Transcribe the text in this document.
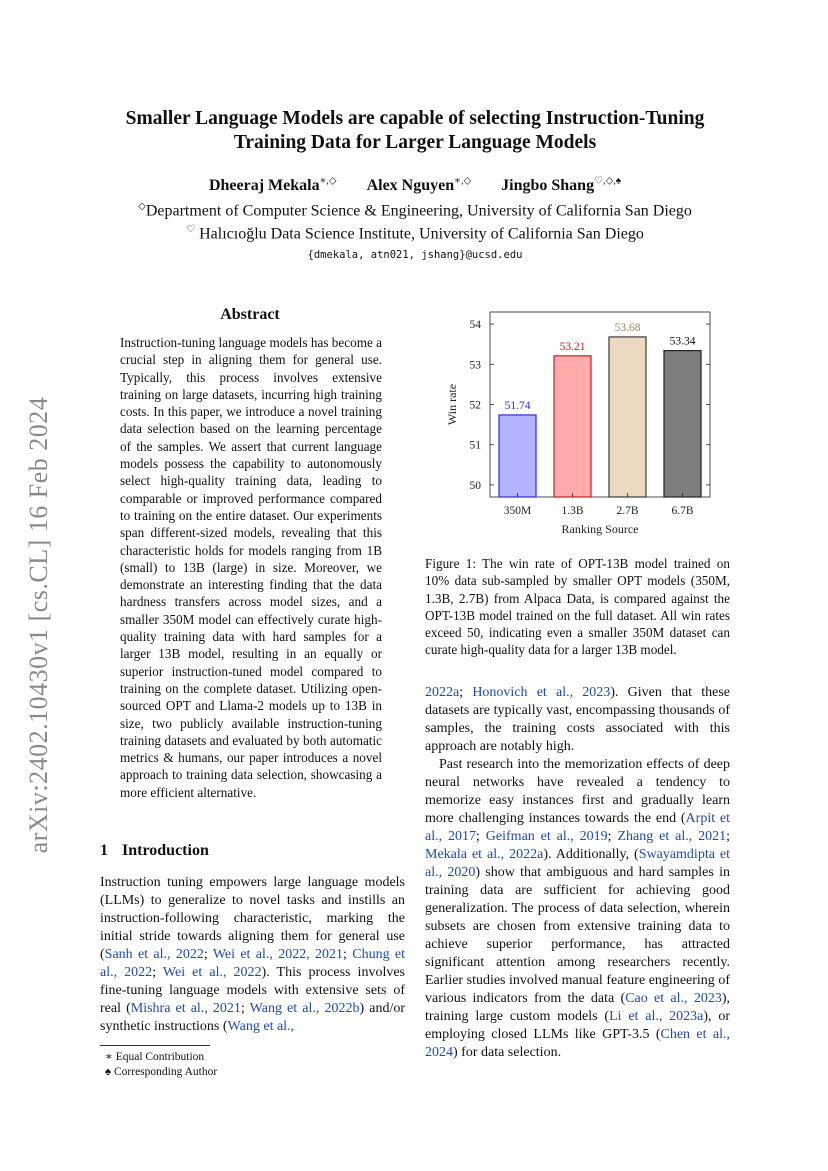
arXiv:2402.10430v1 [cs.CL] 16 Feb 2024
Smaller Language Models are capable of selecting Instruction-Tuning Training Data for Larger Language Models
Dheeraj Mekala∗,◇ Alex Nguyen∗,◇ Jingbo Shang♡,◇,♠
◇Department of Computer Science & Engineering, University of California San Diego
♡ Halıcıoğlu Data Science Institute, University of California San Diego
{dmekala, atn021, jshang}@ucsd.edu
Abstract
Instruction-tuning language models has become a crucial step in aligning them for general use. Typically, this process involves extensive training on large datasets, incurring high training costs. In this paper, we introduce a novel training data selection based on the learning percentage of the samples. We assert that current language models possess the capability to autonomously select high-quality training data, leading to comparable or improved performance compared to training on the entire dataset. Our experiments span different-sized models, revealing that this characteristic holds for models ranging from 1B (small) to 13B (large) in size. Moreover, we demonstrate an interesting finding that the data hardness transfers across model sizes, and a smaller 350M model can effectively curate high-quality training data with hard samples for a larger 13B model, resulting in an equally or superior instruction-tuned model compared to training on the complete dataset. Utilizing open-sourced OPT and Llama-2 models up to 13B in size, two publicly available instruction-tuning training datasets and evaluated by both automatic metrics & humans, our paper introduces a novel approach to training data selection, showcasing a more efficient alternative.
1 Introduction
Instruction tuning empowers large language models (LLMs) to generalize to novel tasks and instills an instruction-following characteristic, marking the initial stride towards aligning them for general use (Sanh et al., 2022; Wei et al., 2022, 2021; Chung et al., 2022; Wei et al., 2022). This process involves fine-tuning language models with extensive sets of real (Mishra et al., 2021; Wang et al., 2022b) and/or synthetic instructions (Wang et al.,
∗ Equal Contribution
♠ Corresponding Author
50
51
52
53
54
51.74
350M
53.21
1.3B
53.68
2.7B
53.34
6.7B
Ranking Source
Win rate
Figure 1: The win rate of OPT-13B model trained on 10% data sub-sampled by smaller OPT models (350M, 1.3B, 2.7B) from Alpaca Data, is compared against the OPT-13B model trained on the full dataset. All win rates exceed 50, indicating even a smaller 350M dataset can curate high-quality data for a larger 13B model.

2022a; Honovich et al., 2023). Given that these datasets are typically vast, encompassing thousands of samples, the training costs associated with this approach are notably high.

Past research into the memorization effects of deep neural networks have revealed a tendency to memorize easy instances first and gradually learn more challenging instances towards the end (Arpit et al., 2017; Geifman et al., 2019; Zhang et al., 2021; Mekala et al., 2022a). Additionally, (Swayamdipta et al., 2020) show that ambiguous and hard samples in training data are sufficient for achieving good generalization. The process of data selection, wherein subsets are chosen from extensive training data to achieve superior performance, has attracted significant attention among researchers recently. Earlier studies involved manual feature engineering of various indicators from the data (Cao et al., 2023), training large custom models (Li et al., 2023a), or employing closed LLMs like GPT-3.5 (Chen et al., 2024) for data selection.
